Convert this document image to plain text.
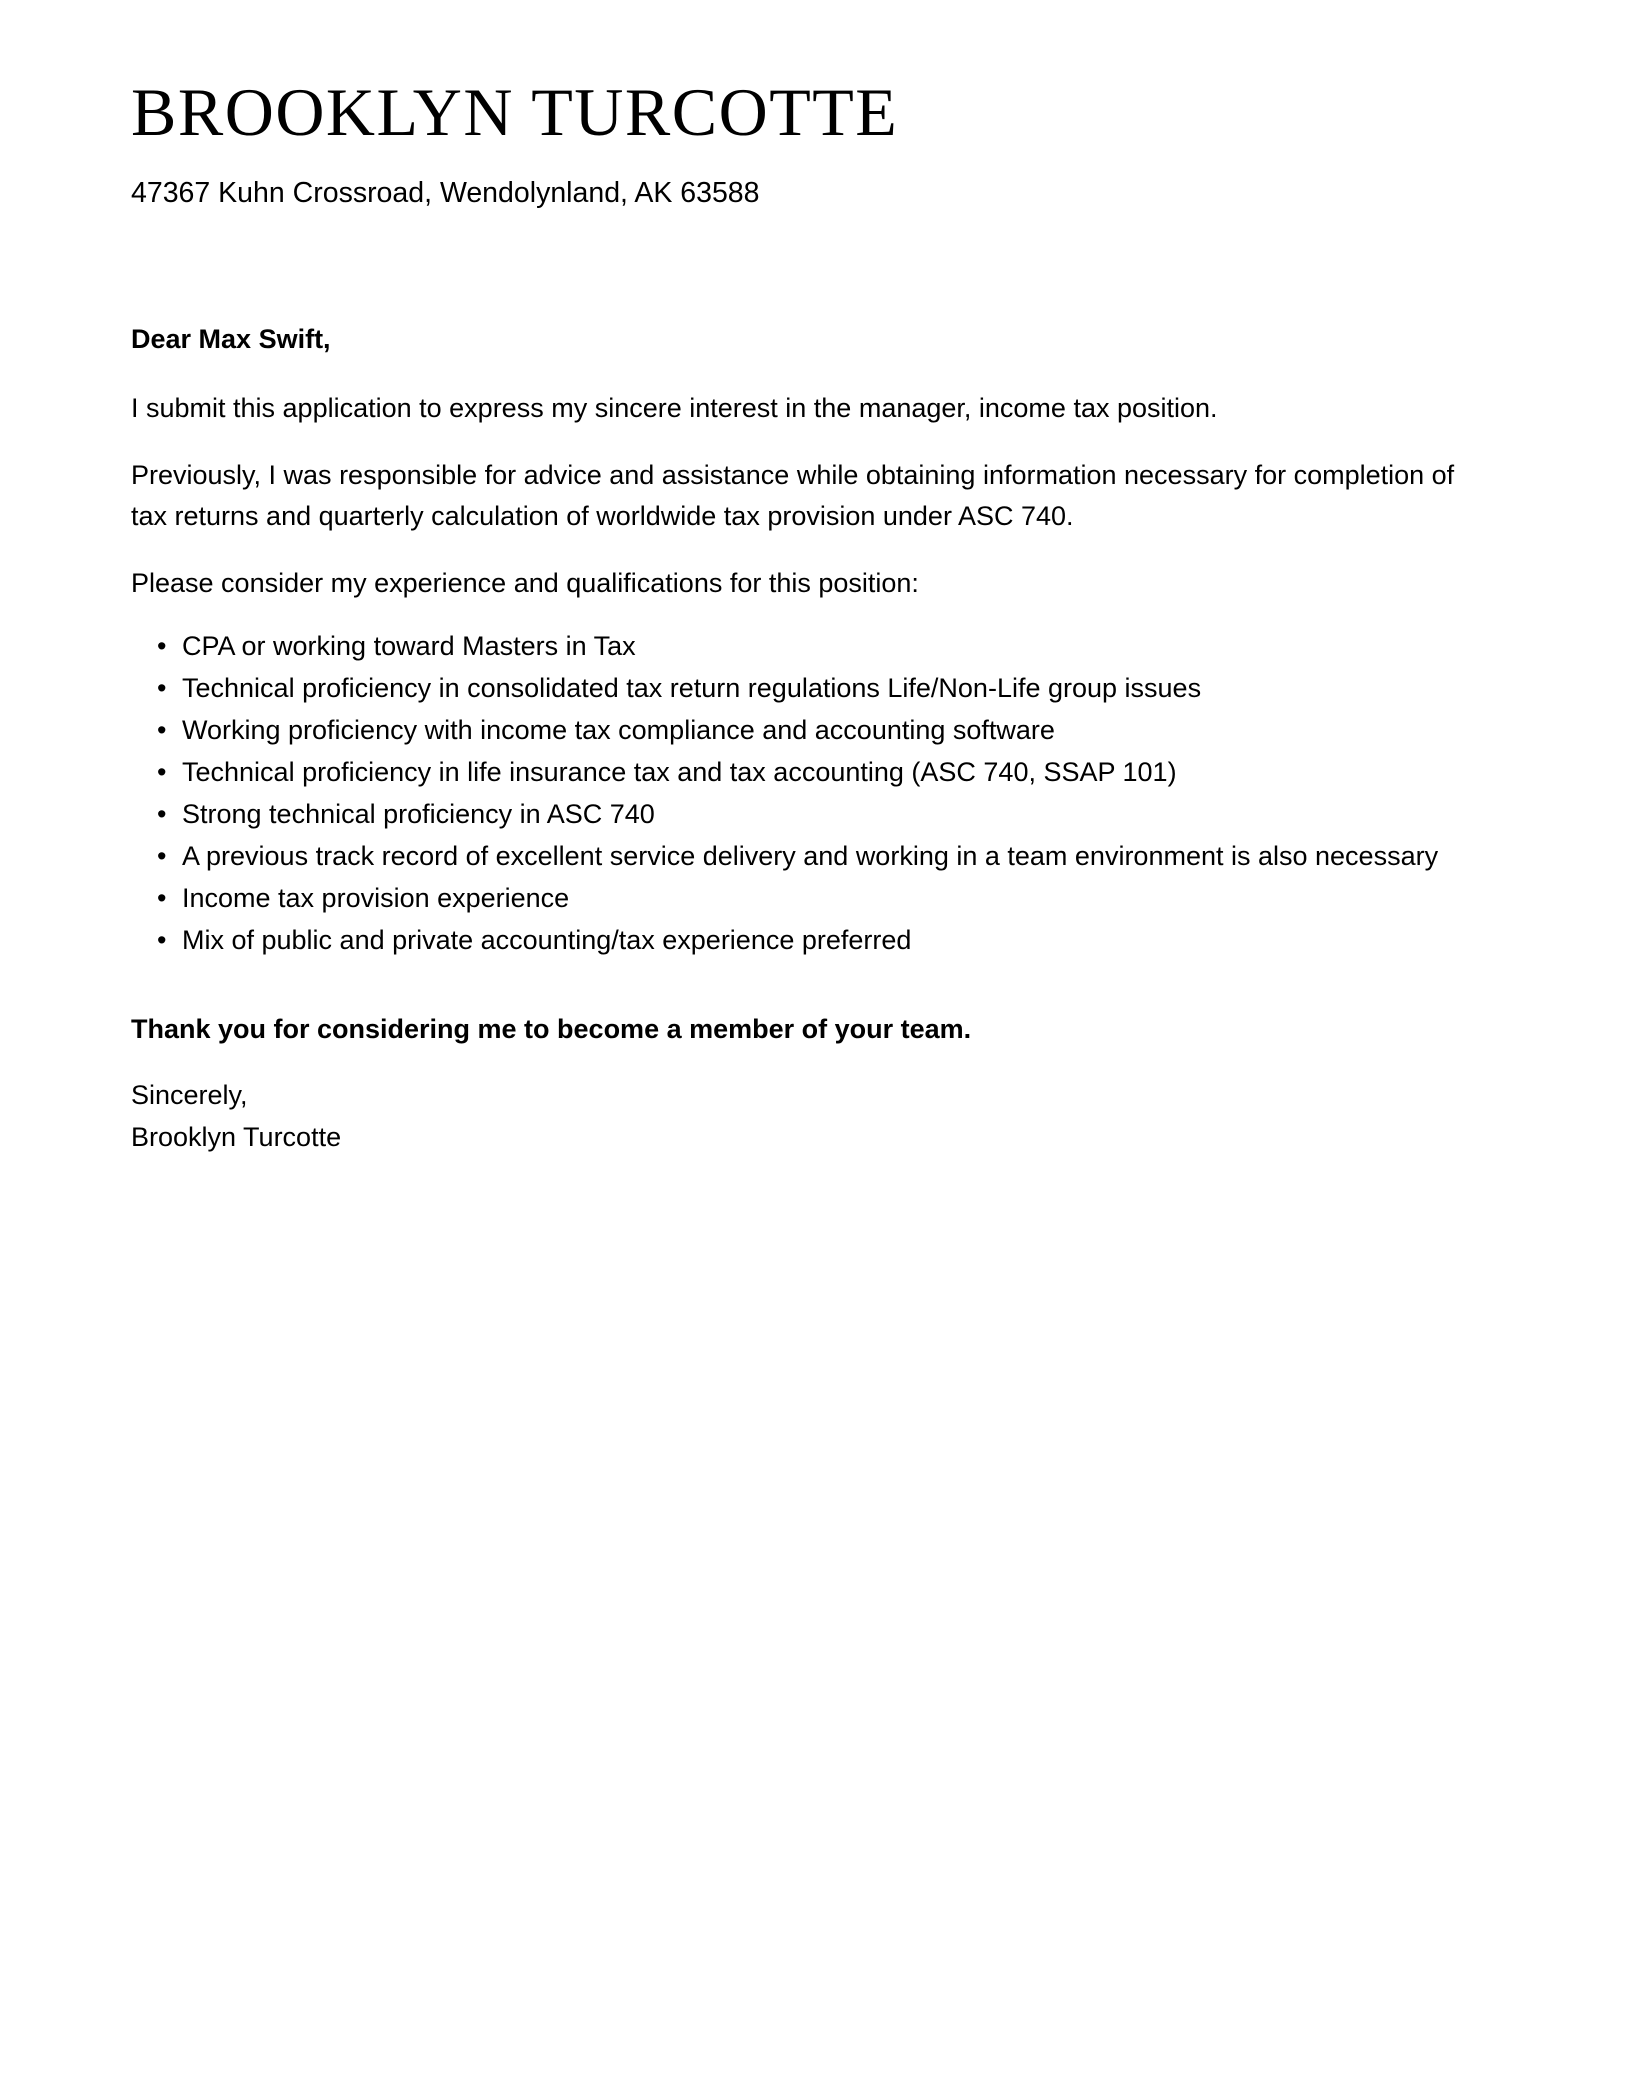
BROOKLYN TURCOTTE

47367 Kuhn Crossroad, Wendolynland, AK 63588

Dear Max Swift,

I submit this application to express my sincere interest in the manager, income tax position.

Previously, I was responsible for advice and assistance while obtaining information necessary for completion of tax returns and quarterly calculation of worldwide tax provision under ASC 740.

Please consider my experience and qualifications for this position:

• CPA or working toward Masters in Tax
• Technical proficiency in consolidated tax return regulations Life/Non-Life group issues
• Working proficiency with income tax compliance and accounting software
• Technical proficiency in life insurance tax and tax accounting (ASC 740, SSAP 101)
• Strong technical proficiency in ASC 740
• A previous track record of excellent service delivery and working in a team environment is also necessary
• Income tax provision experience
• Mix of public and private accounting/tax experience preferred

Thank you for considering me to become a member of your team.

Sincerely,
Brooklyn Turcotte
